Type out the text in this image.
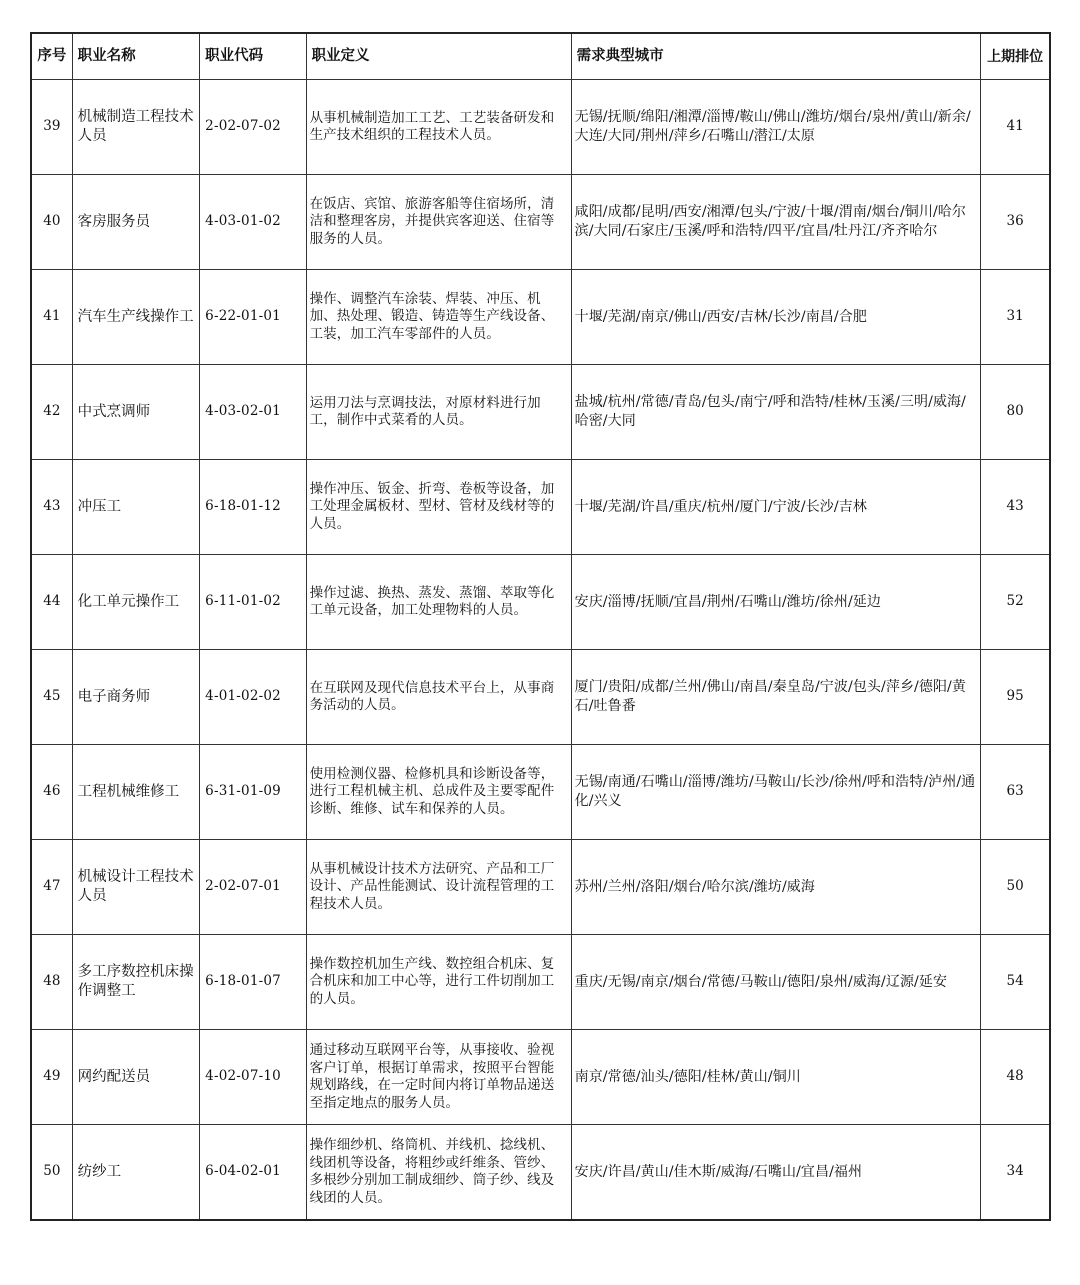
序号	职业名称	职业代码	职业定义	需求典型城市	上期排位
39	机械制造工程技术人员	2-02-07-02	从事机械制造加工工艺、工艺装备研发和生产技术组织的工程技术人员。	无锡/抚顺/绵阳/湘潭/淄博/鞍山/佛山/潍坊/烟台/泉州/黄山/新余/大连/大同/荆州/萍乡/石嘴山/潜江/太原	41
40	客房服务员	4-03-01-02	在饭店、宾馆、旅游客船等住宿场所，清洁和整理客房，并提供宾客迎送、住宿等服务的人员。	咸阳/成都/昆明/西安/湘潭/包头/宁波/十堰/渭南/烟台/铜川/哈尔滨/大同/石家庄/玉溪/呼和浩特/四平/宜昌/牡丹江/齐齐哈尔	36
41	汽车生产线操作工	6-22-01-01	操作、调整汽车涂装、焊装、冲压、机加、热处理、锻造、铸造等生产线设备、工装，加工汽车零部件的人员。	十堰/芜湖/南京/佛山/西安/吉林/长沙/南昌/合肥	31
42	中式烹调师	4-03-02-01	运用刀法与烹调技法，对原材料进行加工，制作中式菜肴的人员。	盐城/杭州/常德/青岛/包头/南宁/呼和浩特/桂林/玉溪/三明/威海/哈密/大同	80
43	冲压工	6-18-01-12	操作冲压、钣金、折弯、卷板等设备，加工处理金属板材、型材、管材及线材等的人员。	十堰/芜湖/许昌/重庆/杭州/厦门/宁波/长沙/吉林	43
44	化工单元操作工	6-11-01-02	操作过滤、换热、蒸发、蒸馏、萃取等化工单元设备，加工处理物料的人员。	安庆/淄博/抚顺/宜昌/荆州/石嘴山/潍坊/徐州/延边	52
45	电子商务师	4-01-02-02	在互联网及现代信息技术平台上，从事商务活动的人员。	厦门/贵阳/成都/兰州/佛山/南昌/秦皇岛/宁波/包头/萍乡/德阳/黄石/吐鲁番	95
46	工程机械维修工	6-31-01-09	使用检测仪器、检修机具和诊断设备等，进行工程机械主机、总成件及主要零配件诊断、维修、试车和保养的人员。	无锡/南通/石嘴山/淄博/潍坊/马鞍山/长沙/徐州/呼和浩特/泸州/通化/兴义	63
47	机械设计工程技术人员	2-02-07-01	从事机械设计技术方法研究、产品和工厂设计、产品性能测试、设计流程管理的工程技术人员。	苏州/兰州/洛阳/烟台/哈尔滨/潍坊/威海	50
48	多工序数控机床操作调整工	6-18-01-07	操作数控机加生产线、数控组合机床、复合机床和加工中心等，进行工件切削加工的人员。	重庆/无锡/南京/烟台/常德/马鞍山/德阳/泉州/威海/辽源/延安	54
49	网约配送员	4-02-07-10	通过移动互联网平台等，从事接收、验视客户订单，根据订单需求，按照平台智能规划路线，在一定时间内将订单物品递送至指定地点的服务人员。	南京/常德/汕头/德阳/桂林/黄山/铜川	48
50	纺纱工	6-04-02-01	操作细纱机、络筒机、并线机、捻线机、线团机等设备，将粗纱或纤维条、管纱、多根纱分别加工制成细纱、筒子纱、线及线团的人员。	安庆/许昌/黄山/佳木斯/威海/石嘴山/宜昌/福州	34
